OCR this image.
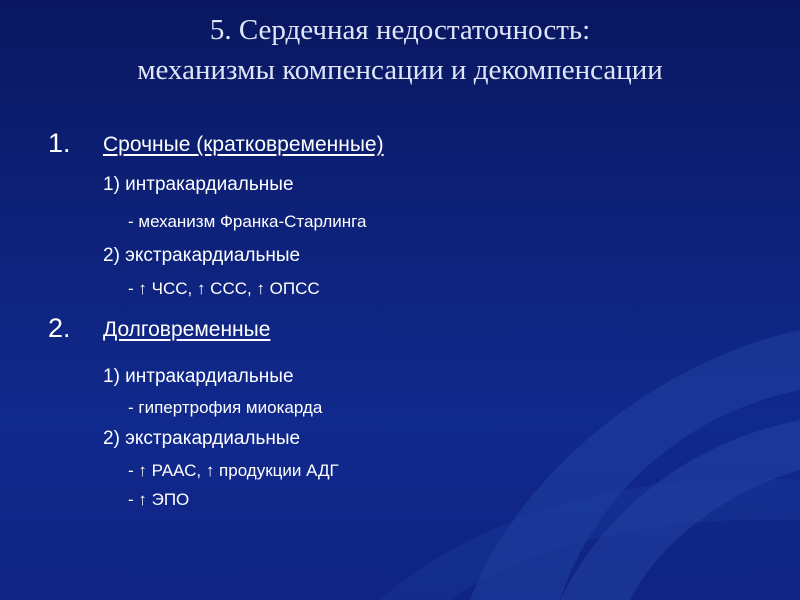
5. Сердечная недостаточность:
механизмы компенсации и декомпенсации
1. Срочные (кратковременные)
1) интракардиальные
- механизм Франка-Старлинга
2) экстракардиальные
- ↑ ЧСС, ↑ ССС, ↑ ОПСС
2. Долговременные
1) интракардиальные
- гипертрофия миокарда
2) экстракардиальные
- ↑ РААС, ↑ продукции АДГ
- ↑ ЭПО
